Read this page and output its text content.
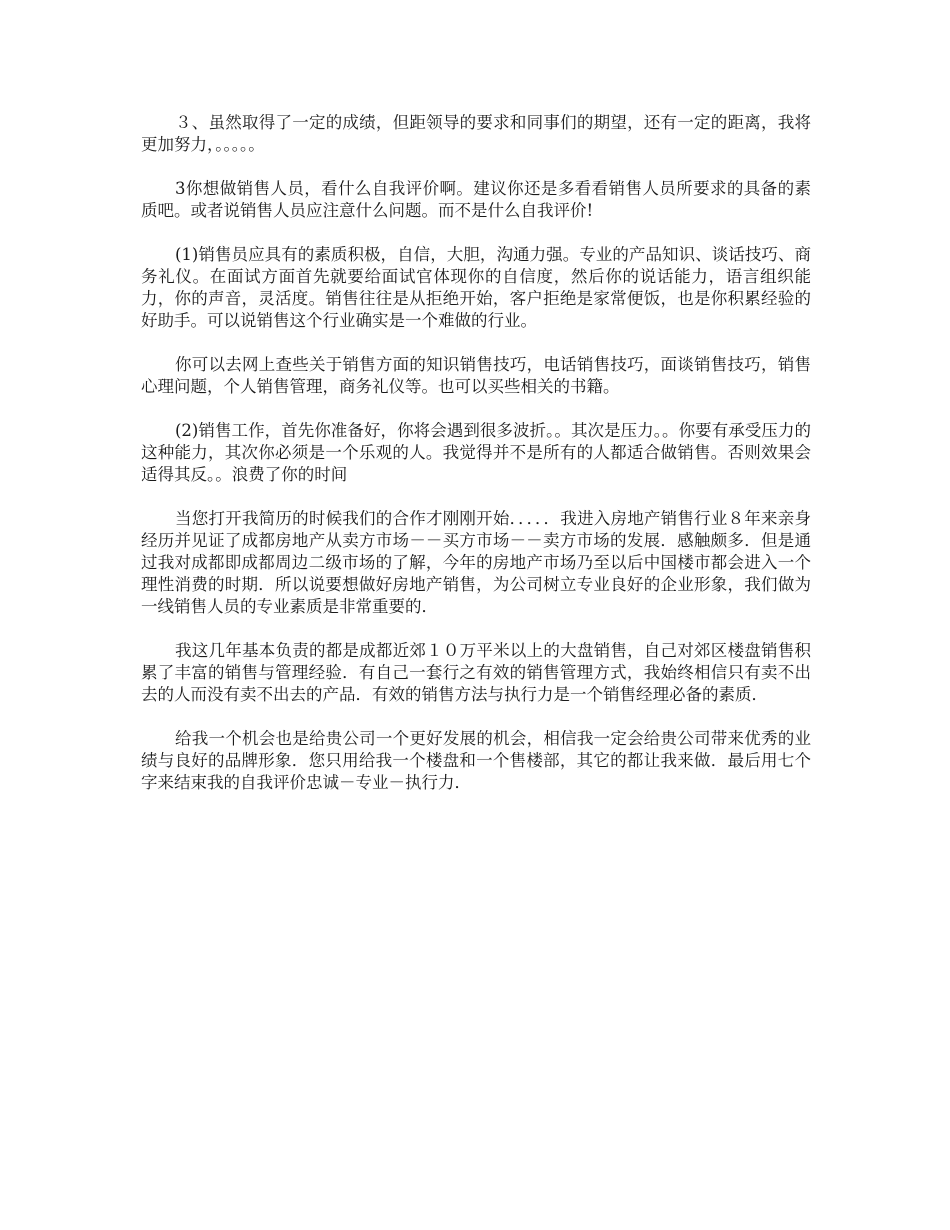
３、虽然取得了一定的成绩，但距领导的要求和同事们的期望，还有一定的距离，我将更加努力，。。。。。

3你想做销售人员，看什么自我评价啊。建议你还是多看看销售人员所要求的具备的素质吧。或者说销售人员应注意什么问题。而不是什么自我评价!

(1)销售员应具有的素质积极，自信，大胆，沟通力强。专业的产品知识、谈话技巧、商务礼仪。在面试方面首先就要给面试官体现你的自信度，然后你的说话能力，语言组织能力，你的声音，灵活度。销售往往是从拒绝开始，客户拒绝是家常便饭，也是你积累经验的好助手。可以说销售这个行业确实是一个难做的行业。

你可以去网上查些关于销售方面的知识销售技巧，电话销售技巧，面谈销售技巧，销售心理问题，个人销售管理，商务礼仪等。也可以买些相关的书籍。

(2)销售工作，首先你准备好，你将会遇到很多波折。。其次是压力。。你要有承受压力的这种能力，其次你必须是一个乐观的人。我觉得并不是所有的人都适合做销售。否则效果会适得其反。。浪费了你的时间

当您打开我简历的时候我们的合作才刚刚开始．．．．．我进入房地产销售行业８年来亲身经历并见证了成都房地产从卖方市场－－买方市场－－卖方市场的发展．感触颇多．但是通过我对成都即成都周边二级市场的了解，今年的房地产市场乃至以后中国楼市都会进入一个理性消费的时期．所以说要想做好房地产销售，为公司树立专业良好的企业形象，我们做为一线销售人员的专业素质是非常重要的．

我这几年基本负责的都是成都近郊１０万平米以上的大盘销售，自己对郊区楼盘销售积累了丰富的销售与管理经验．有自己一套行之有效的销售管理方式，我始终相信只有卖不出去的人而没有卖不出去的产品．有效的销售方法与执行力是一个销售经理必备的素质．

给我一个机会也是给贵公司一个更好发展的机会，相信我一定会给贵公司带来优秀的业绩与良好的品牌形象．您只用给我一个楼盘和一个售楼部，其它的都让我来做．最后用七个字来结束我的自我评价忠诚－专业－执行力．
